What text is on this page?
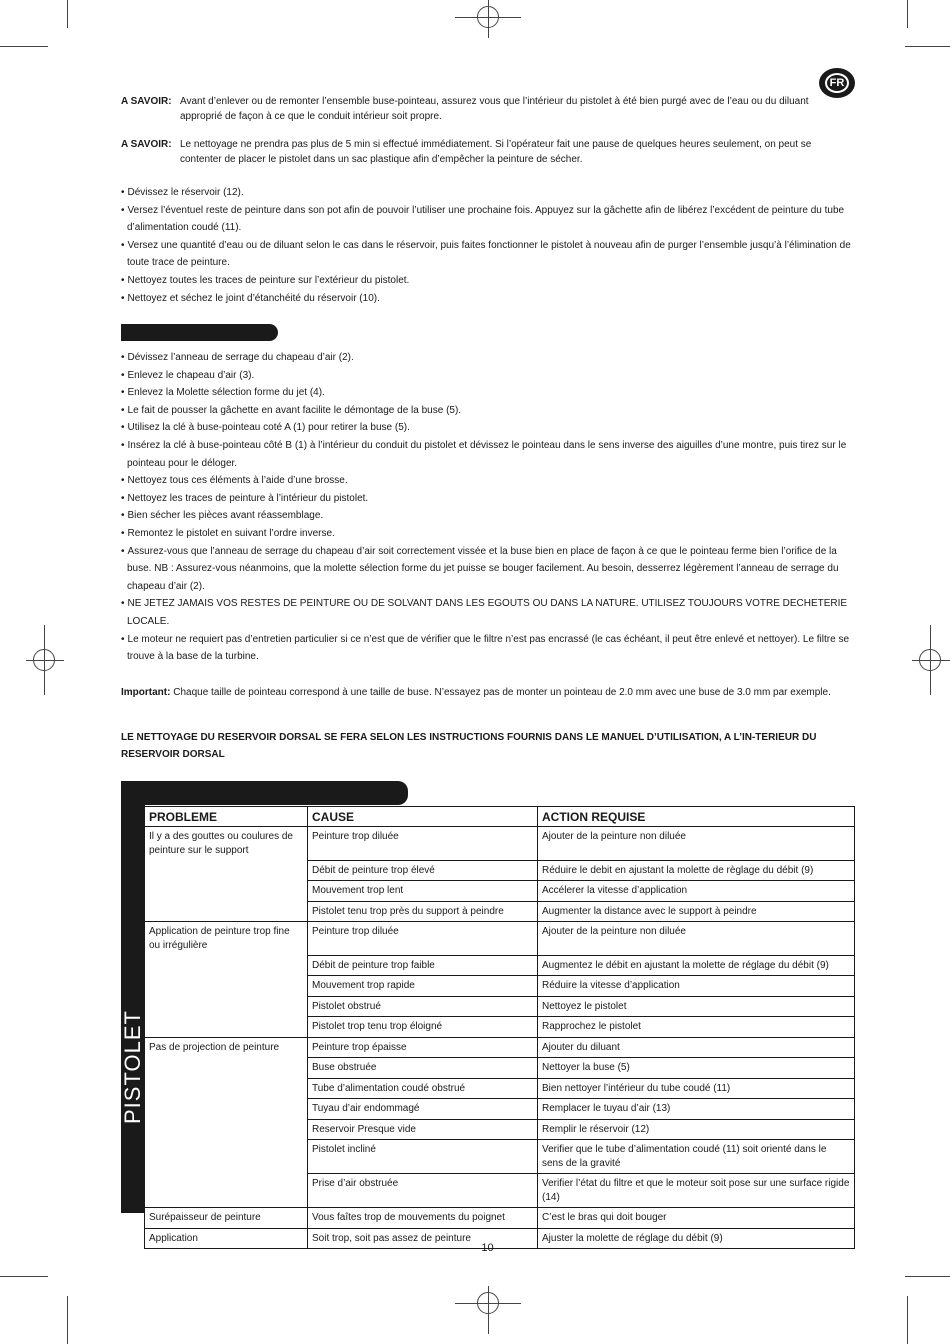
FR
A SAVOIR: Avant d’enlever ou de remonter l’ensemble buse-pointeau, assurez vous que l’intérieur du pistolet à été bien purgé avec de l’eau ou du diluant approprié de façon à ce que le conduit intérieur soit propre.
A SAVOIR: Le nettoyage ne prendra pas plus de 5 min si effectué immédiatement. Si l’opérateur fait une pause de quelques heures seulement, on peut se contenter de placer le pistolet dans un sac plastique afin d’empêcher la peinture de sécher.
• Dévissez le réservoir (12).
• Versez l’éventuel reste de peinture dans son pot afin de pouvoir l’utiliser une prochaine fois. Appuyez sur la gâchette afin de libérez l’excédent de peinture du tube d’alimentation coudé (11).
• Versez une quantité d’eau ou de diluant selon le cas dans le réservoir, puis faites fonctionner le pistolet à nouveau afin de purger l’ensemble jusqu’à l’élimination de toute trace de peinture.
• Nettoyez toutes les traces de peinture sur l’extérieur du pistolet.
• Nettoyez et séchez le joint d’étanchéité du réservoir (10).
• Dévissez l’anneau de serrage du chapeau d’air (2).
• Enlevez le chapeau d’air (3).
• Enlevez la Molette sélection forme du jet (4).
• Le fait de pousser la gâchette en avant facilite le démontage de la buse (5).
• Utilisez la clé à buse-pointeau coté A (1) pour retirer la buse (5).
• Insérez la clé à buse-pointeau côté B (1) à l’intérieur du conduit du pistolet et dévissez le pointeau dans le sens inverse des aiguilles d’une montre, puis tirez sur le pointeau pour le déloger.
• Nettoyez tous ces éléments à l’aide d’une brosse.
• Nettoyez les traces de peinture à l’intérieur du pistolet.
• Bien sécher les pièces avant réassemblage.
• Remontez le pistolet en suivant l’ordre inverse.
• Assurez-vous que l’anneau de serrage du chapeau d’air soit correctement vissée et la buse bien en place de façon à ce que le pointeau ferme bien l’orifice de la buse. NB : Assurez-vous néanmoins, que la molette sélection forme du jet puisse se bouger facilement. Au besoin, desserrez légèrement l’anneau de serrage du chapeau d’air (2).
• NE JETEZ JAMAIS VOS RESTES DE PEINTURE OU DE SOLVANT DANS LES EGOUTS OU DANS LA NATURE. UTILISEZ TOUJOURS VOTRE DECHETERIE LOCALE.
• Le moteur ne requiert pas d’entretien particulier si ce n’est que de vérifier que le filtre n’est pas encrassé (le cas échéant, il peut être enlevé et nettoyer). Le filtre se trouve à la base de la turbine.
Important: Chaque taille de pointeau correspond à une taille de buse. N’essayez pas de monter un pointeau de 2.0 mm avec une buse de 3.0 mm par exemple.
LE NETTOYAGE DU RESERVOIR DORSAL SE FERA SELON LES INSTRUCTIONS FOURNIS DANS LE MANUEL D’UTILISATION, A L’IN-TERIEUR DU RESERVOIR DORSAL
PISTOLET
PROBLEME	CAUSE	ACTION REQUISE
Il y a des gouttes ou coulures de peinture sur le support	Peinture trop diluée	Ajouter de la peinture non diluée
	Débit de peinture trop élevé	Réduire le debit en ajustant la molette de règlage du débit (9)
	Mouvement trop lent	Accélerer la vitesse d’application
	Pistolet tenu trop près du support à peindre	Augmenter la distance avec le support à peindre
Application de peinture trop fine ou irrégulière	Peinture trop diluée	Ajouter de la peinture non diluée
	Débit de peinture trop faible	Augmentez le débit en ajustant la molette de réglage du débit (9)
	Mouvement trop rapide	Réduire la vitesse d’application
	Pistolet obstrué	Nettoyez le pistolet
	Pistolet trop tenu trop éloigné	Rapprochez le pistolet
Pas de projection de peinture	Peinture trop épaisse	Ajouter du diluant
	Buse obstruée	Nettoyer la buse (5)
	Tube d’alimentation coudé obstrué	Bien nettoyer l’intérieur du tube coudé (11)
	Tuyau d’air endommagé	Remplacer le tuyau d’air (13)
	Reservoir Presque vide	Remplir le réservoir (12)
	Pistolet incliné	Verifier que le tube d’alimentation coudé (11) soit orienté dans le sens de la gravité
	Prise d’air obstruée	Verifier l’état du filtre et que le moteur soit pose sur une surface rigide (14)
Surépaisseur de peinture	Vous faîtes trop de mouvements du poignet	C’est le bras qui doit bouger
Application	Soit trop, soit pas assez de peinture	Ajuster la molette de réglage du débit (9)
10
